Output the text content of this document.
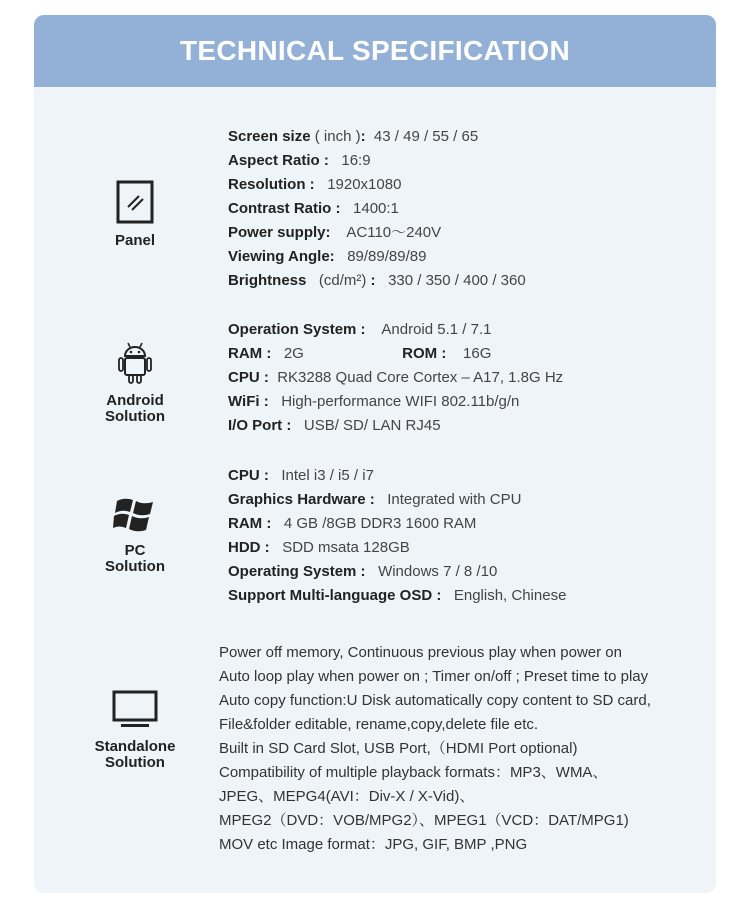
TECHNICAL SPECIFICATION
Panel
Screen size ( inch ): 43 / 49 / 55 / 65
Aspect Ratio : 16:9
Resolution : 1920x1080
Contrast Ratio : 1400:1
Power supply: AC110～240V
Viewing Angle: 89/89/89/89
Brightness (cd/m²) : 330 / 350 / 400 / 360
Android
Solution
Operation System : Android 5.1 / 7.1
RAM : 2G	ROM : 16G
CPU : RK3288 Quad Core Cortex – A17, 1.8G Hz
WiFi : High-performance WIFI 802.11b/g/n
I/O Port : USB/ SD/ LAN RJ45
PC
Solution
CPU : Intel i3 / i5 / i7
Graphics Hardware : Integrated with CPU
RAM : 4 GB /8GB DDR3 1600 RAM
HDD : SDD msata 128GB
Operating System : Windows 7 / 8 /10
Support Multi-language OSD : English, Chinese
Standalone
Solution
Power off memory, Continuous previous play when power on
Auto loop play when power on ; Timer on/off ; Preset time to play
Auto copy function:U Disk automatically copy content to SD card,
File&folder editable, rename,copy,delete file etc.
Built in SD Card Slot, USB Port,（HDMI Port optional)
Compatibility of multiple playback formats：MP3、WMA、
JPEG、MEPG4(AVI：Div-X / X-Vid)、
MPEG2（DVD：VOB/MPG2）、MPEG1（VCD：DAT/MPG1)
MOV etc Image format：JPG, GIF, BMP ,PNG
